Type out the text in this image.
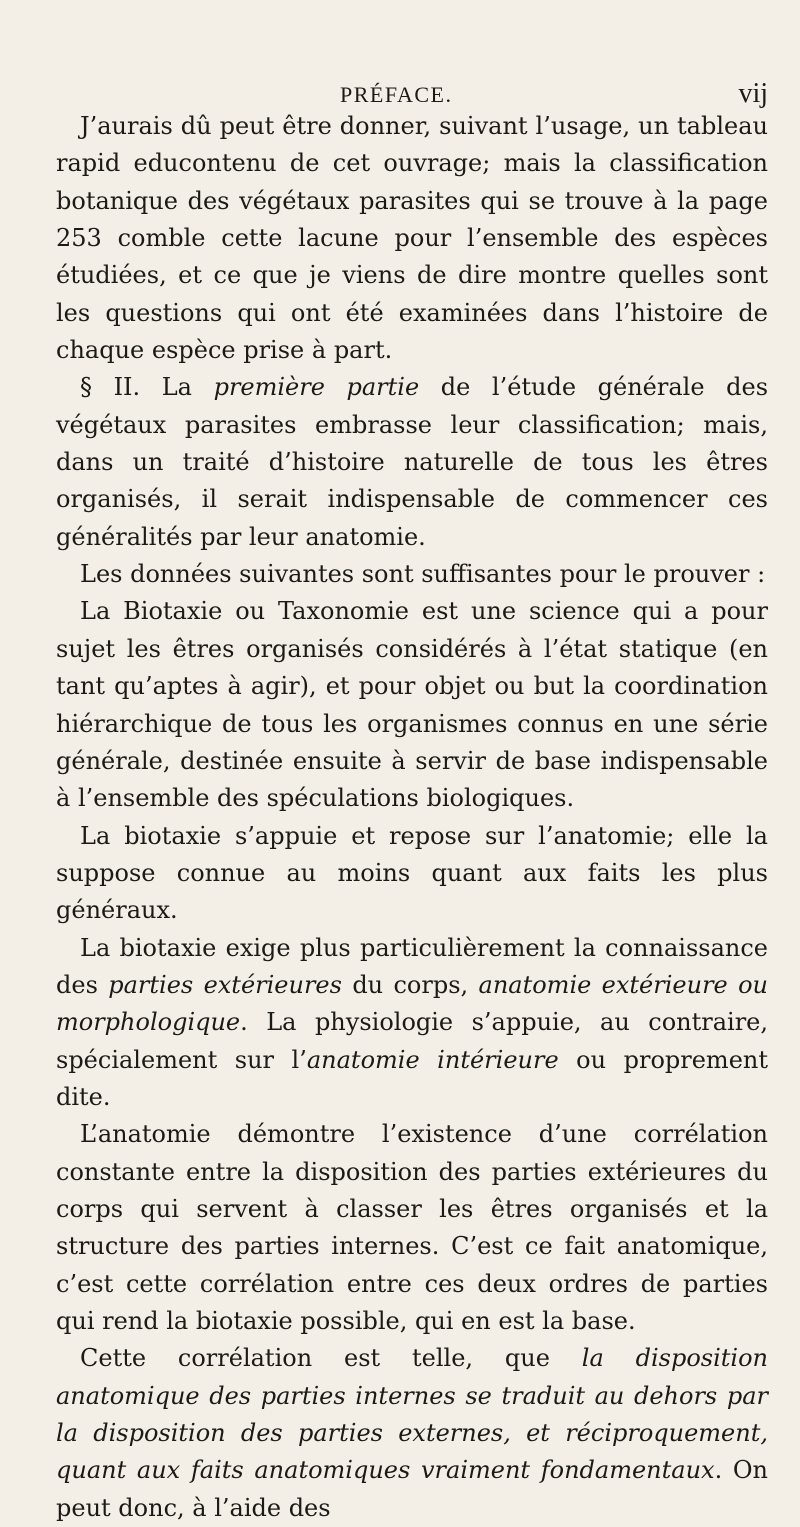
PRÉFACE.	vij

J’aurais dû peut être donner, suivant l’usage, un tableau rapid educontenu de cet ouvrage; mais la classification botanique des végétaux parasites qui se trouve à la page 253 comble cette lacune pour l’ensemble des espèces étudiées, et ce que je viens de dire montre quelles sont les questions qui ont été examinées dans l’histoire de chaque espèce prise à part.

§ II. La première partie de l’étude générale des végétaux parasites embrasse leur classification; mais, dans un traité d’histoire naturelle de tous les êtres organisés, il serait indispensable de commencer ces généralités par leur anatomie.

Les données suivantes sont suffisantes pour le prouver :

La Biotaxie ou Taxonomie est une science qui a pour sujet les êtres organisés considérés à l’état statique (en tant qu’aptes à agir), et pour objet ou but la coordination hiérarchique de tous les organismes connus en une série générale, destinée ensuite à servir de base indispensable à l’ensemble des spéculations biologiques.

La biotaxie s’appuie et repose sur l’anatomie; elle la suppose connue au moins quant aux faits les plus généraux.

La biotaxie exige plus particulièrement la connaissance des parties extérieures du corps, anatomie extérieure ou morphologique. La physiologie s’appuie, au contraire, spécialement sur l’anatomie intérieure ou proprement dite.

L’anatomie démontre l’existence d’une corrélation constante entre la disposition des parties extérieures du corps qui servent à classer les êtres organisés et la structure des parties internes. C’est ce fait anatomique, c’est cette corrélation entre ces deux ordres de parties qui rend la biotaxie possible, qui en est la base.

Cette corrélation est telle, que la disposition anatomique des parties internes se traduit au dehors par la disposition des parties externes, et réciproquement, quant aux faits anatomiques vraiment fondamentaux. On peut donc, à l’aide des
